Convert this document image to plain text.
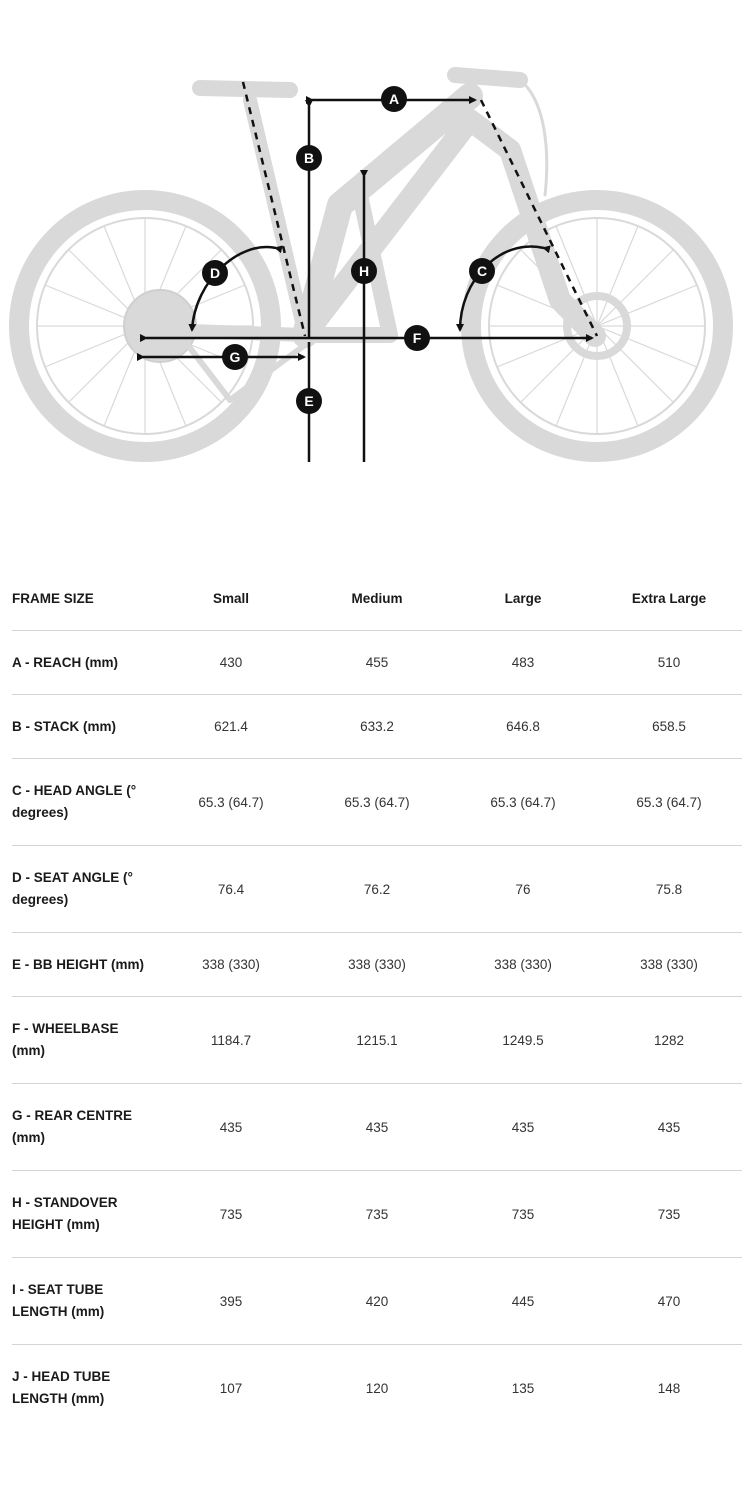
A
B
C
D
E
F
G
H
FRAME SIZE	Small	Medium	Large	Extra Large
A - REACH (mm)	430	455	483	510
B - STACK (mm)	621.4	633.2	646.8	658.5
C - HEAD ANGLE (° degrees)	65.3 (64.7)	65.3 (64.7)	65.3 (64.7)	65.3 (64.7)
D - SEAT ANGLE (° degrees)	76.4	76.2	76	75.8
E - BB HEIGHT (mm)	338 (330)	338 (330)	338 (330)	338 (330)
F - WHEELBASE (mm)	1184.7	1215.1	1249.5	1282
G - REAR CENTRE (mm)	435	435	435	435
H - STANDOVER HEIGHT (mm)	735	735	735	735
I - SEAT TUBE LENGTH (mm)	395	420	445	470
J - HEAD TUBE LENGTH (mm)	107	120	135	148
